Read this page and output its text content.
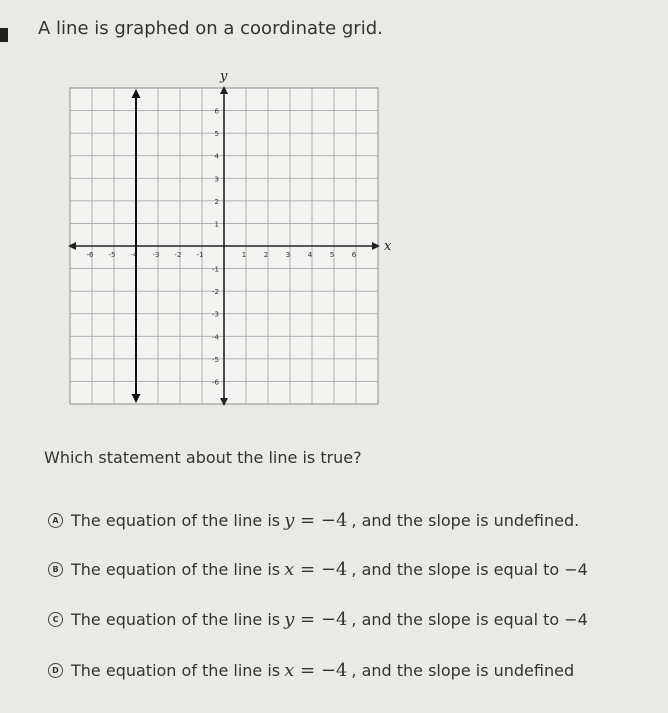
A line is graphed on a coordinate grid.
-6 -5 -4 -3 -2 -1	1	2	3	4	5	6
6
5
4
3
2
1
-1
-2
-3
-4
-5
-6
x
y
Which statement about the line is true?
A The equation of the line is y = −4 , and the slope is undefined.
B The equation of the line is x = −4 , and the slope is equal to −4
C The equation of the line is y = −4 , and the slope is equal to −4
D The equation of the line is x = −4 , and the slope is undefined
